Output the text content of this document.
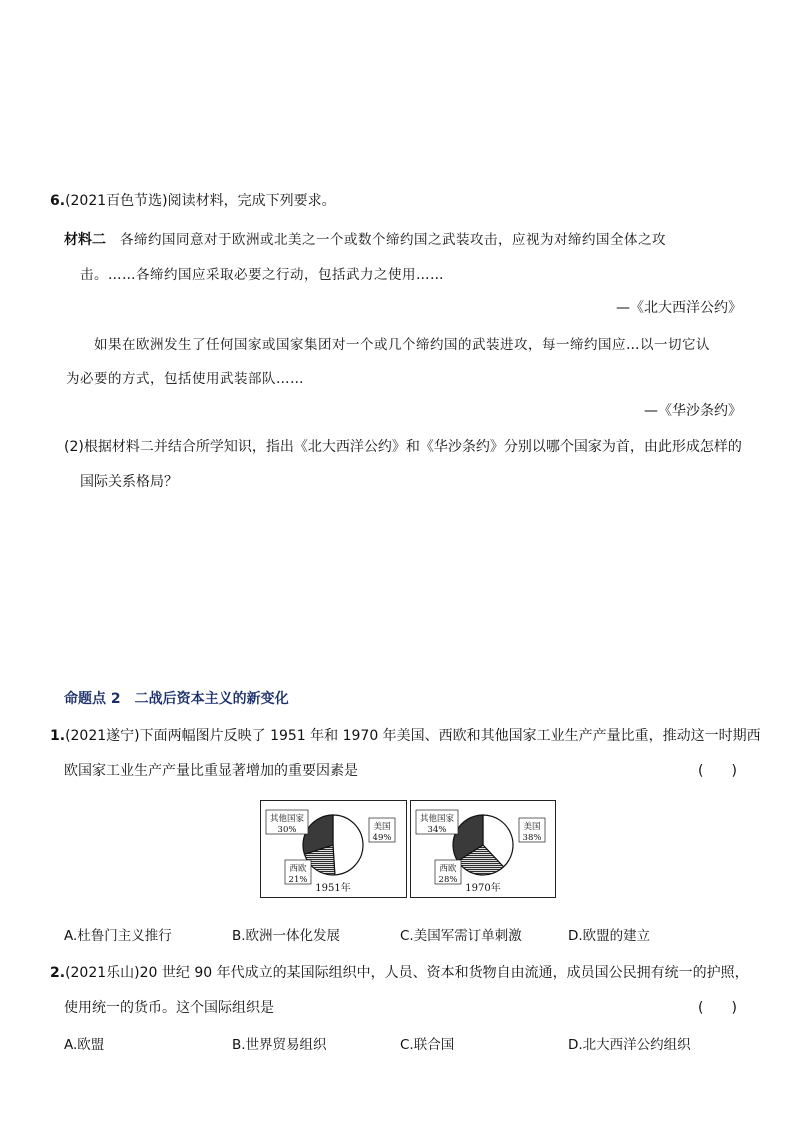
6.(2021百色节选)阅读材料，完成下列要求。
材料二 各缔约国同意对于欧洲或北美之一个或数个缔约国之武装攻击，应视为对缔约国全体之攻
击。……各缔约国应采取必要之行动，包括武力之使用……
—《北大西洋公约》
如果在欧洲发生了任何国家或国家集团对一个或几个缔约国的武装进攻，每一缔约国应…以一切它认
为必要的方式，包括使用武装部队……
—《华沙条约》
(2)根据材料二并结合所学知识，指出《北大西洋公约》和《华沙条约》分别以哪个国家为首，由此形成怎样的
国际关系格局？
命题点 2　二战后资本主义的新变化
1.(2021遂宁)下面两幅图片反映了 1951 年和 1970 年美国、西欧和其他国家工业生产产量比重，推动这一时期西
欧国家工业生产产量比重显著增加的重要因素是	(　　)
美国
49%
西欧
21%
其他国家
30%
1951年
美国
38%
西欧
28%
其他国家
34%
1970年
A.杜鲁门主义推行	B.欧洲一体化发展	C.美国军需订单刺激	D.欧盟的建立
2.(2021乐山)20 世纪 90 年代成立的某国际组织中，人员、资本和货物自由流通，成员国公民拥有统一的护照，
使用统一的货币。这个国际组织是	(　　)
A.欧盟	B.世界贸易组织	C.联合国	D.北大西洋公约组织
